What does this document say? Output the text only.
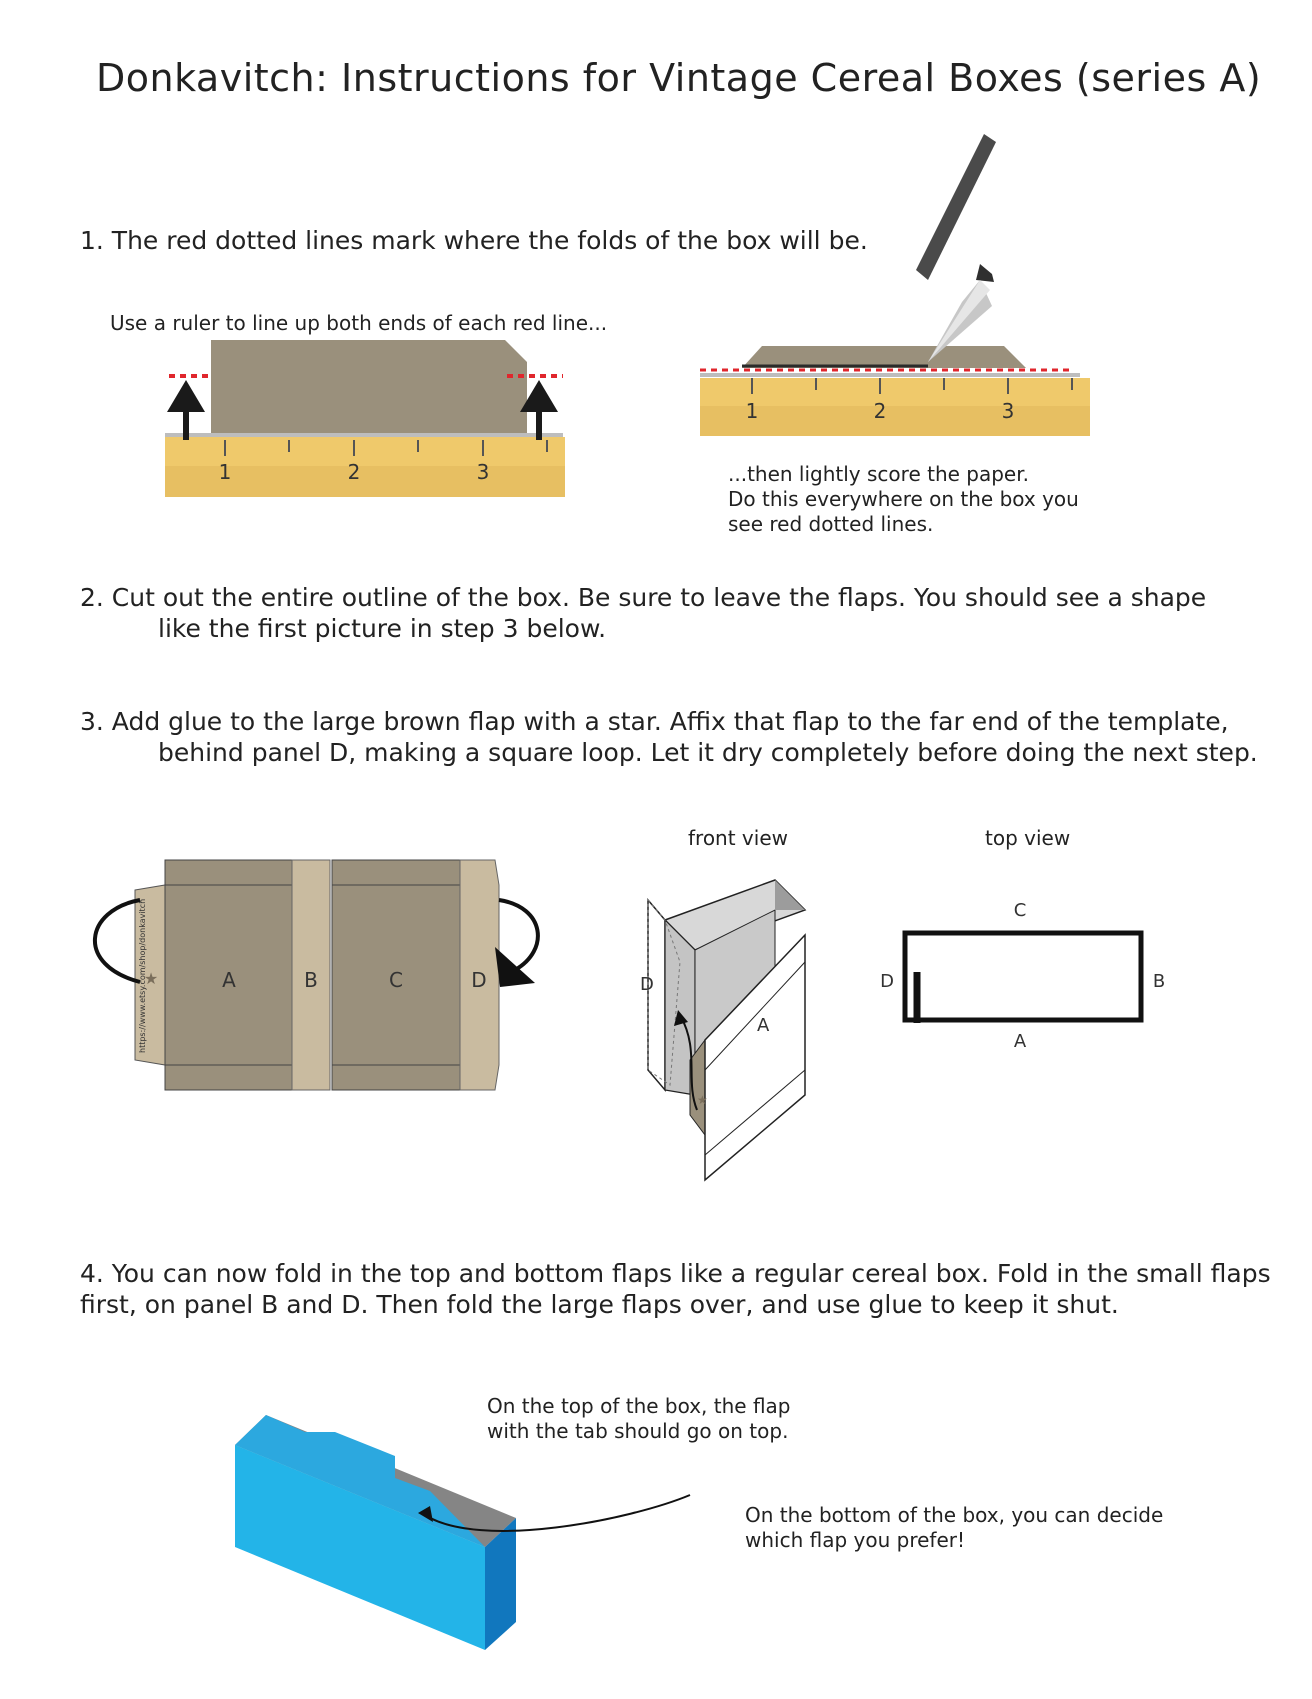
Donkavitch: Instructions for Vintage Cereal Boxes (series A)
1. The red dotted lines mark where the folds of the box will be.
Use a ruler to line up both ends of each red line...
1	2	3
1	2	3
...then lightly score the paper.
Do this everywhere on the box you
see red dotted lines.
2. Cut out the entire outline of the box. Be sure to leave the flaps. You should see a shape
like the first picture in step 3 below.
3. Add glue to the large brown flap with a star. Affix that flap to the far end of the template,
behind panel D, making a square loop. Let it dry completely before doing the next step.
front view	top view
https://www.etsy.com/shop/donkavitch
★	A	B	C	D
★
D
A
C
D	B
A
4. You can now fold in the top and bottom flaps like a regular cereal box. Fold in the small flaps
first, on panel B and D. Then fold the large flaps over, and use glue to keep it shut.
On the top of the box, the flap
with the tab should go on top.
On the bottom of the box, you can decide
which flap you prefer!
